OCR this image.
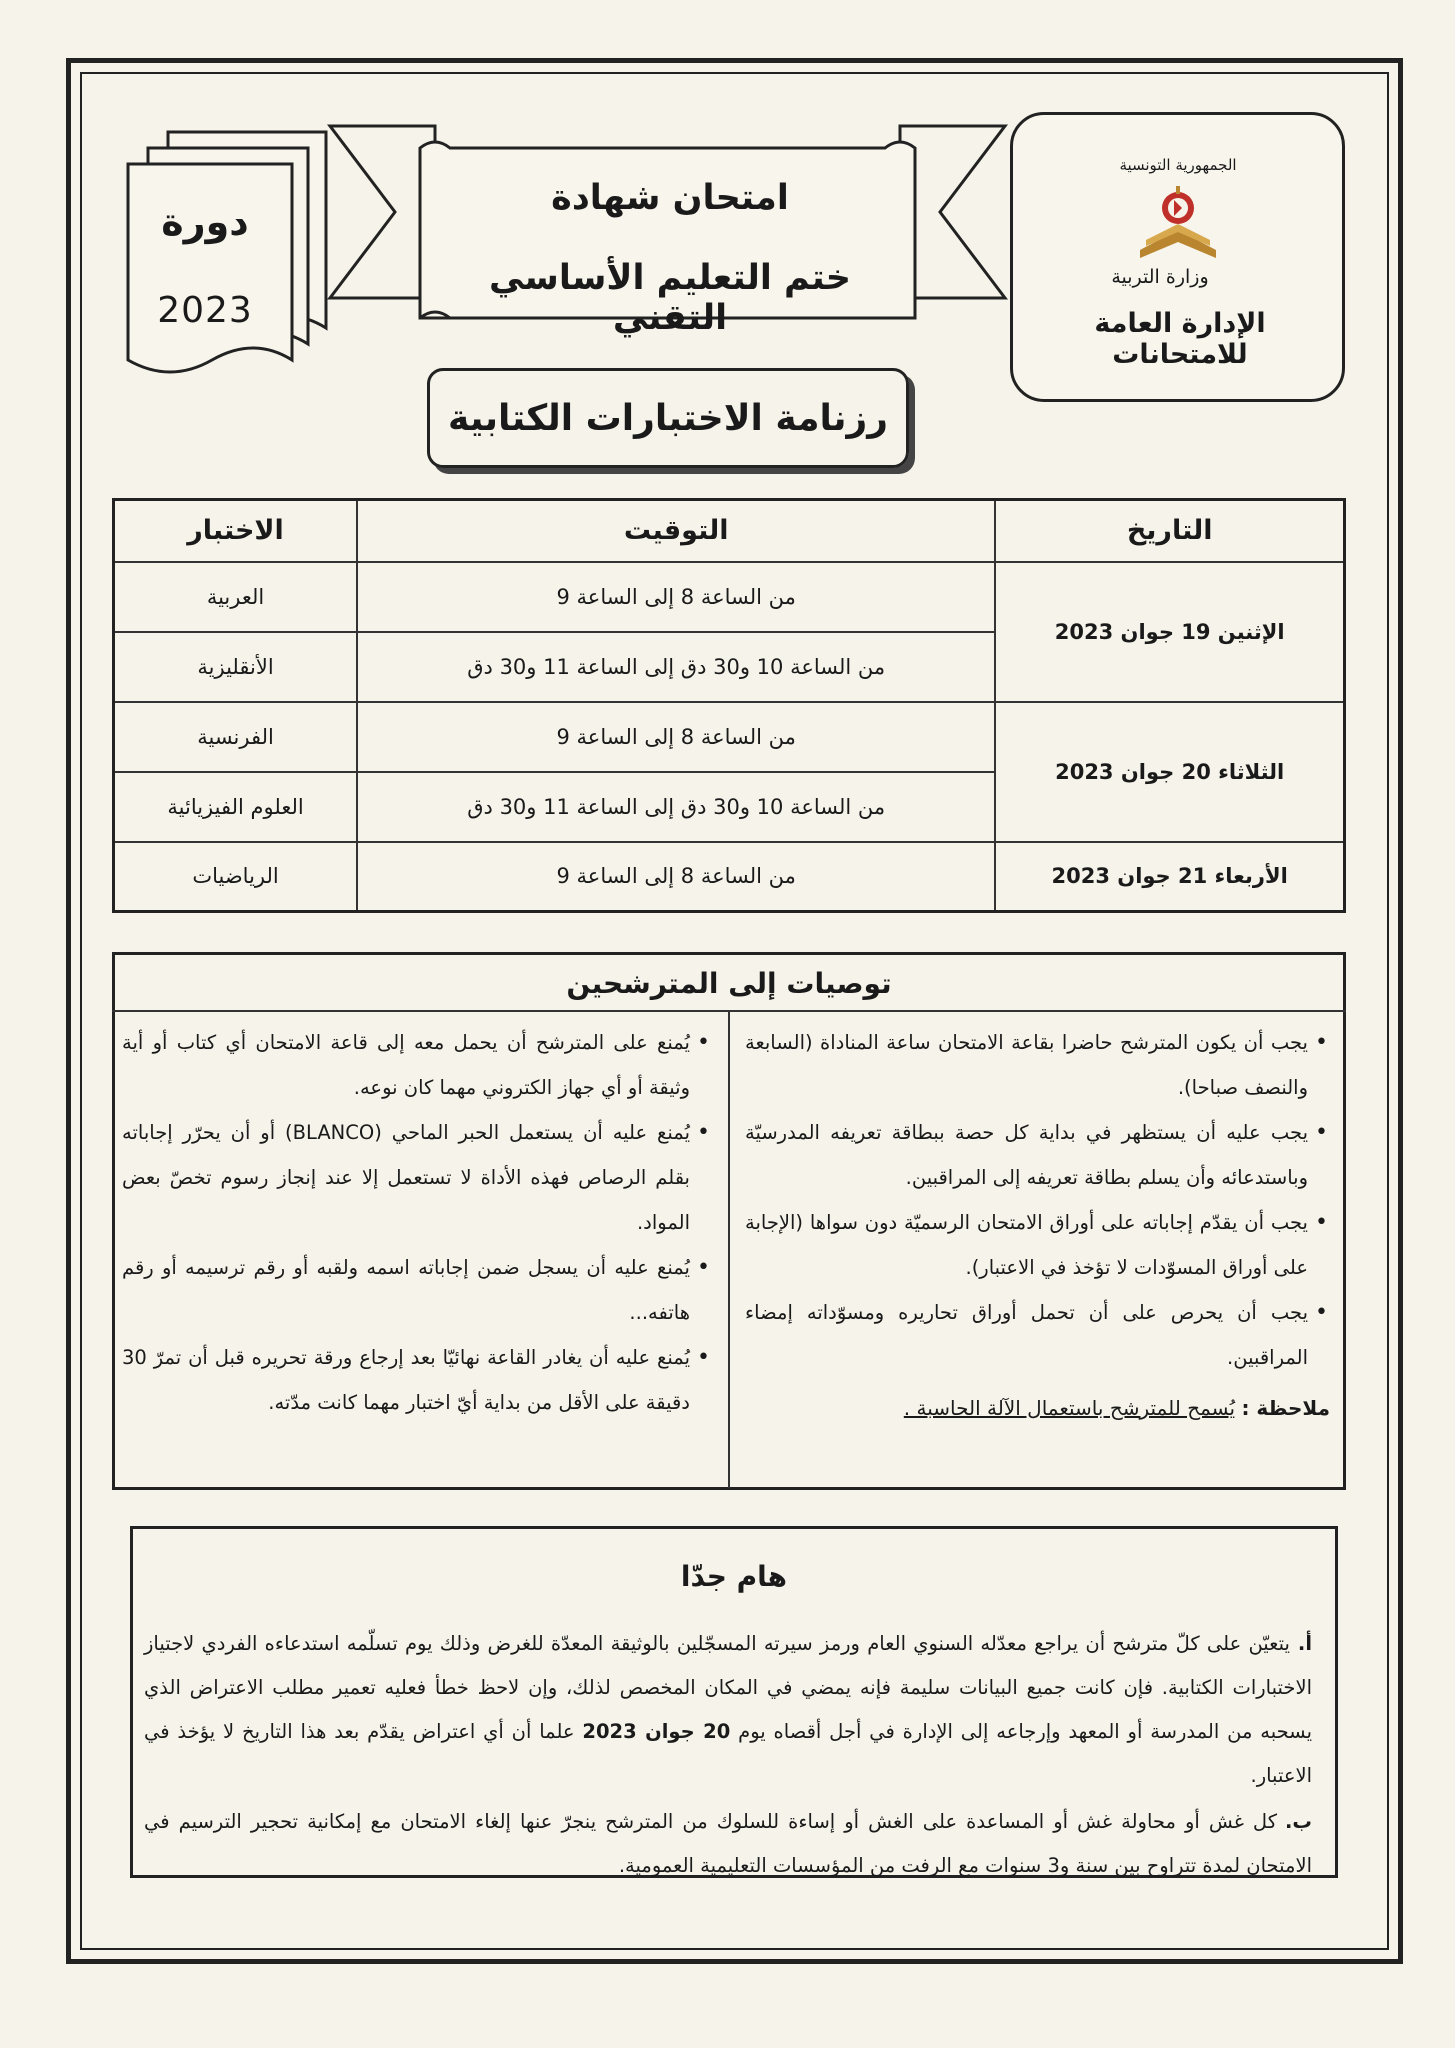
الجمهورية التونسية
وزارة التربية
الإدارة العامة للامتحانات
امتحان شهادة
ختم التعليم الأساسي التقني
رزنامة الاختبارات الكتابية
دورة
2023
التاريخ	التوقيت	الاختبار
الإثنين 19 جوان 2023	من الساعة 8 إلى الساعة 9	العربية
	من الساعة 10 و30 دق إلى الساعة 11 و30 دق	الأنقليزية
الثلاثاء 20 جوان 2023	من الساعة 8 إلى الساعة 9	الفرنسية
	من الساعة 10 و30 دق إلى الساعة 11 و30 دق	العلوم الفيزيائية
الأربعاء 21 جوان 2023	من الساعة 8 إلى الساعة 9	الرياضيات
توصيات إلى المترشحين
• يجب أن يكون المترشح حاضرا بقاعة الامتحان ساعة المناداة (السابعة والنصف صباحا).
• يجب عليه أن يستظهر في بداية كل حصة ببطاقة تعريفه المدرسيّة وباستدعائه وأن يسلم بطاقة تعريفه إلى المراقبين.
• يجب أن يقدّم إجاباته على أوراق الامتحان الرسميّة دون سواها (الإجابة على أوراق المسوّدات لا تؤخذ في الاعتبار).
• يجب أن يحرص على أن تحمل أوراق تحاريره ومسوّداته إمضاء المراقبين.
ملاحظة : يُسمح للمترشح باستعمال الآلة الحاسبة .
• يُمنع على المترشح أن يحمل معه إلى قاعة الامتحان أي كتاب أو أية وثيقة أو أي جهاز الكتروني مهما كان نوعه.
• يُمنع عليه أن يستعمل الحبر الماحي (BLANCO) أو أن يحرّر إجاباته بقلم الرصاص فهذه الأداة لا تستعمل إلا عند إنجاز رسوم تخصّ بعض المواد.
• يُمنع عليه أن يسجل ضمن إجاباته اسمه ولقبه أو رقم ترسيمه أو رقم هاتفه...
• يُمنع عليه أن يغادر القاعة نهائيّا بعد إرجاع ورقة تحريره قبل أن تمرّ 30 دقيقة على الأقل من بداية أيّ اختبار مهما كانت مدّته.
هام جدّا
أ.يتعيّن على كلّ مترشح أن يراجع معدّله السنوي العام ورمز سيرته المسجّلين بالوثيقة المعدّة للغرض وذلك يوم تسلّمه استدعاءه الفردي لاجتياز الاختبارات الكتابية. فإن كانت جميع البيانات سليمة فإنه يمضي في المكان المخصص لذلك، وإن لاحظ خطأ فعليه تعمير مطلب الاعتراض الذي يسحبه من المدرسة أو المعهد وإرجاعه إلى الإدارة في أجل أقصاه يوم 20 جوان 2023 علما أن أي اعتراض يقدّم بعد هذا التاريخ لا يؤخذ في الاعتبار.
ب.كل غش أو محاولة غش أو المساعدة على الغش أو إساءة للسلوك من المترشح ينجرّ عنها إلغاء الامتحان مع إمكانية تحجير الترسيم في الامتحان لمدة تتراوح بين سنة و3 سنوات مع الرفت من المؤسسات التعليمية العمومية.
